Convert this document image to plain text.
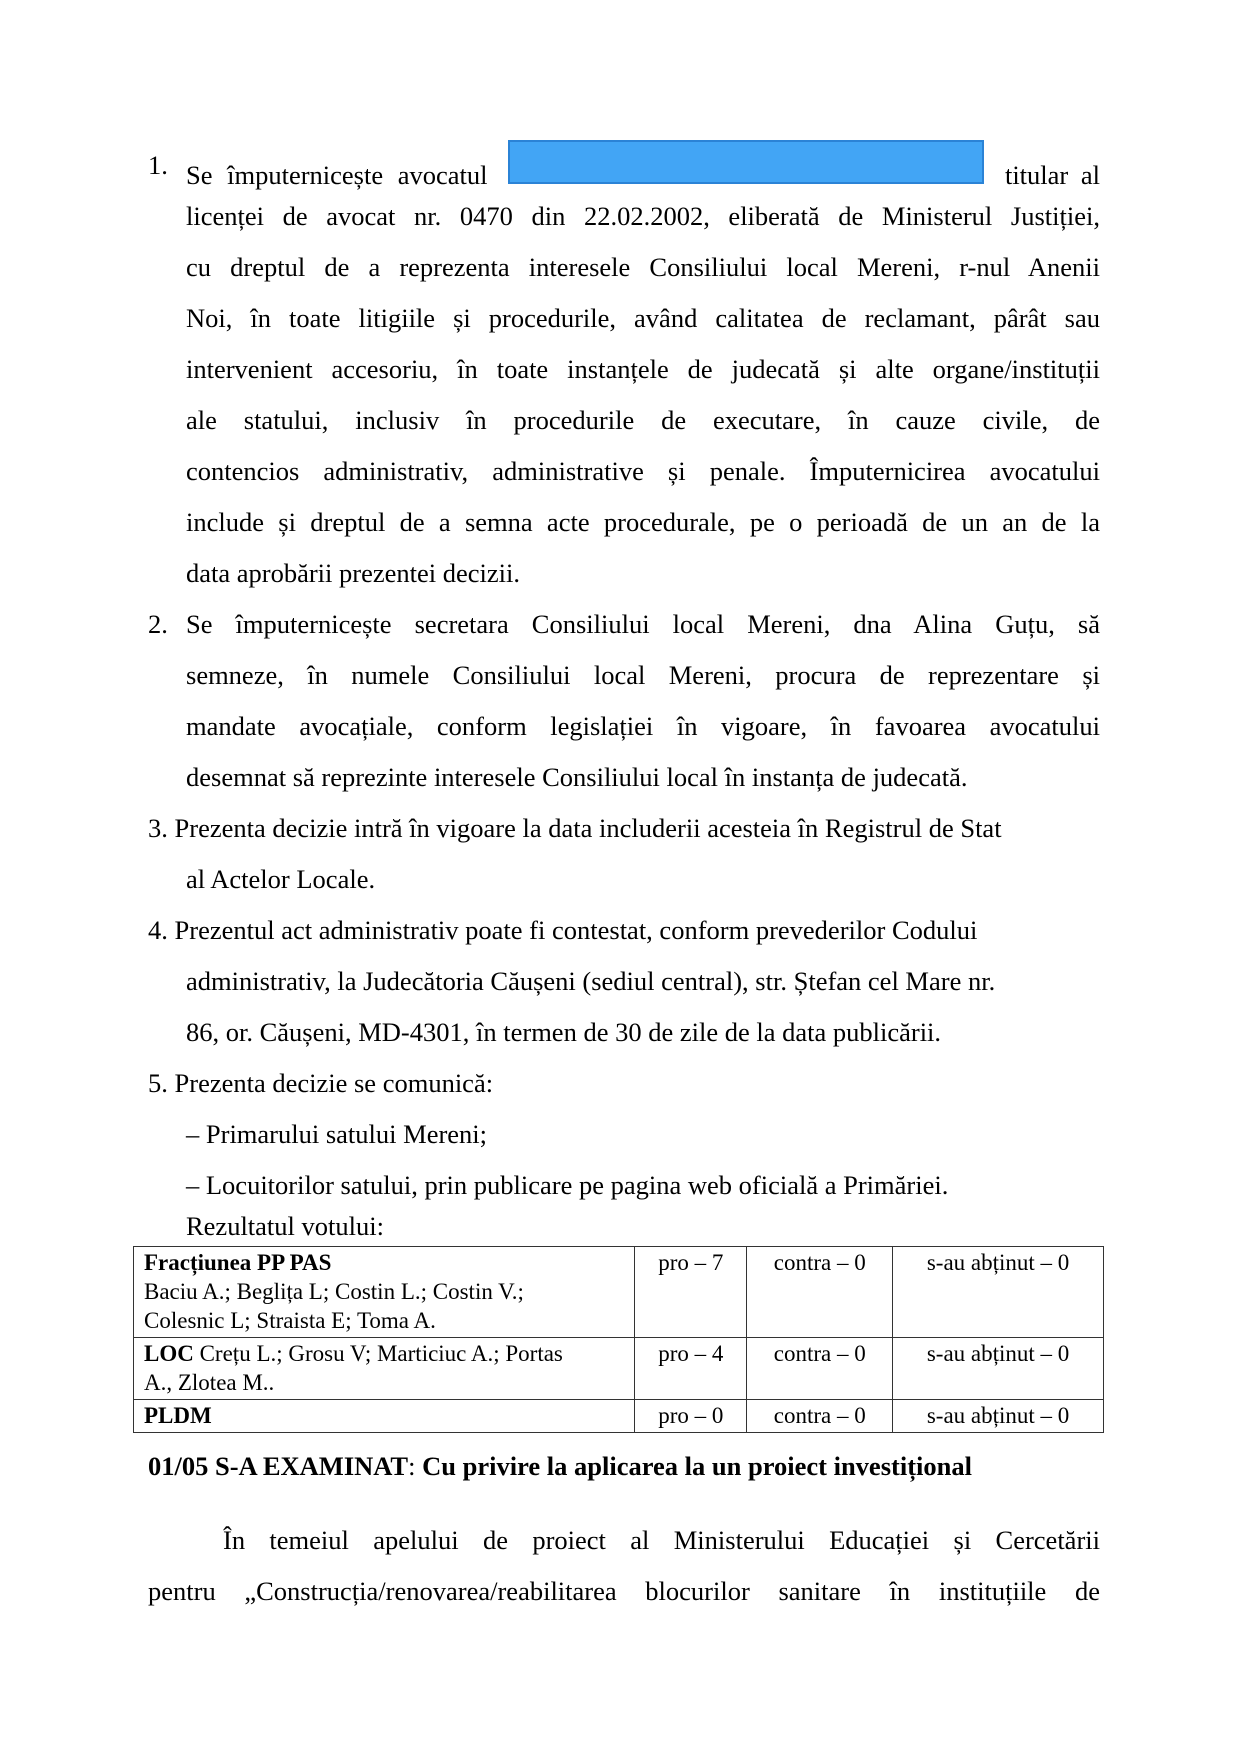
1. Se împuternicește avocatul	titular al
licenței de avocat nr. 0470 din 22.02.2002, eliberată de Ministerul Justiției,
cu dreptul de a reprezenta interesele Consiliului local Mereni, r-nul Anenii
Noi, în toate litigiile și procedurile, având calitatea de reclamant, pârât sau
intervenient accesoriu, în toate instanțele de judecată și alte organe/instituții
ale statului, inclusiv în procedurile de executare, în cauze civile, de
contencios administrativ, administrative și penale. Împuternicirea avocatului
include și dreptul de a semna acte procedurale, pe o perioadă de un an de la
data aprobării prezentei decizii.
2. Se împuternicește secretara Consiliului local Mereni, dna Alina Guțu, să
semneze, în numele Consiliului local Mereni, procura de reprezentare și
mandate avocațiale, conform legislației în vigoare, în favoarea avocatului
desemnat să reprezinte interesele Consiliului local în instanța de judecată.
3. Prezenta decizie intră în vigoare la data includerii acesteia în Registrul de Stat
al Actelor Locale.
4. Prezentul act administrativ poate fi contestat, conform prevederilor Codului
administrativ, la Judecătoria Căușeni (sediul central), str. Ștefan cel Mare nr.
86, or. Căușeni, MD-4301, în termen de 30 de zile de la data publicării.
5. Prezenta decizie se comunică:
– Primarului satului Mereni;
– Locuitorilor satului, prin publicare pe pagina web oficială a Primăriei.
Rezultatul votului:
Fracțiunea PP PAS
Baciu A.; Beglița L; Costin L.; Costin V.;
Colesnic L; Straista E; Toma A.	pro – 7	contra – 0	s-au abținut – 0
LOC Crețu L.; Grosu V; Marticiuc A.; Portas
A., Zlotea M..	pro – 4	contra – 0	s-au abținut – 0
PLDM	pro – 0	contra – 0	s-au abținut – 0
01/05 S-A EXAMINAT: Cu privire la aplicarea la un proiect investițional
În temeiul apelului de proiect al Ministerului Educației și Cercetării
pentru „Construcția/renovarea/reabilitarea blocurilor sanitare în instituțiile de
